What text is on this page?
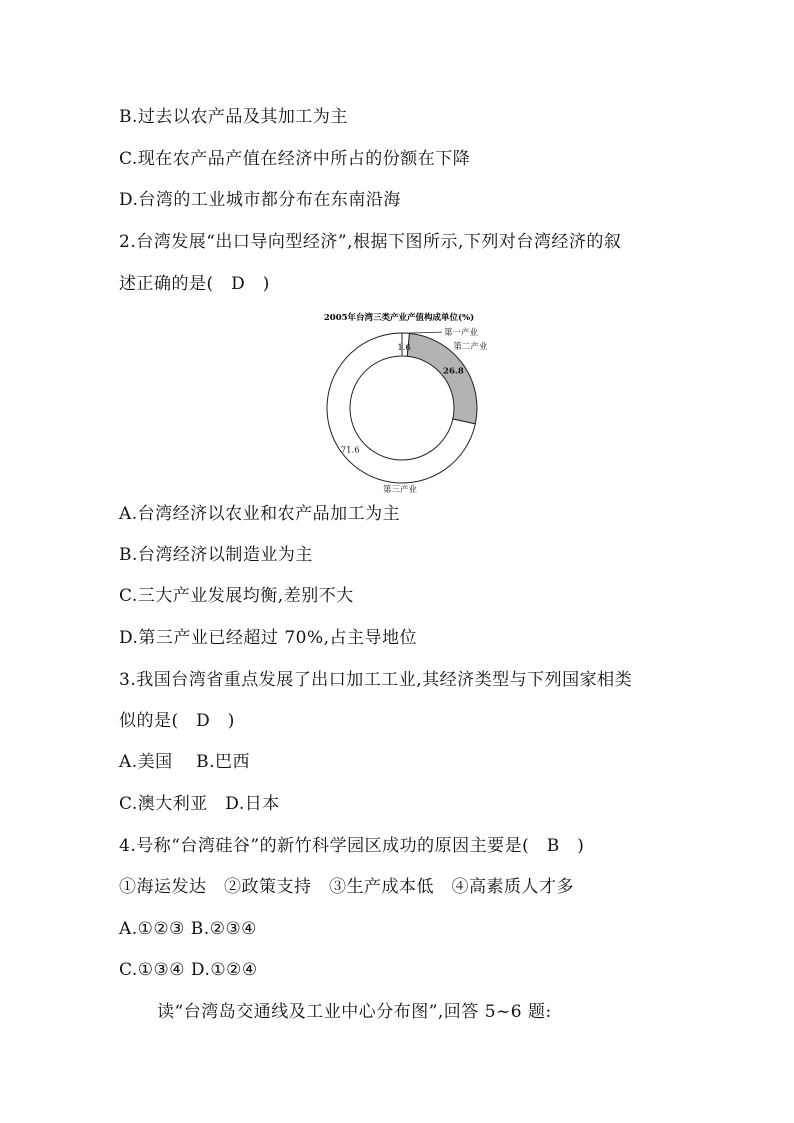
B.过去以农产品及其加工为主
C.现在农产品产值在经济中所占的份额在下降
D.台湾的工业城市都分布在东南沿海
2.台湾发展“出口导向型经济”,根据下图所示,下列对台湾经济的叙
述正确的是(　D　)
2005年台湾三类产业产值构成单位(%)
1.6
26.8
71.6
第一产业
第二产业
第三产业
A.台湾经济以农业和农产品加工为主
B.台湾经济以制造业为主
C.三大产业发展均衡,差别不大
D.第三产业已经超过 70%,占主导地位
3.我国台湾省重点发展了出口加工工业,其经济类型与下列国家相类
似的是(　D　)
A.美国　 B.巴西
C.澳大利亚　D.日本
4.号称“台湾硅谷”的新竹科学园区成功的原因主要是(　B　)
①海运发达　②政策支持　③生产成本低　④高素质人才多
A.①②③ B.②③④
C.①③④ D.①②④
读“台湾岛交通线及工业中心分布图”,回答 5~6 题:
